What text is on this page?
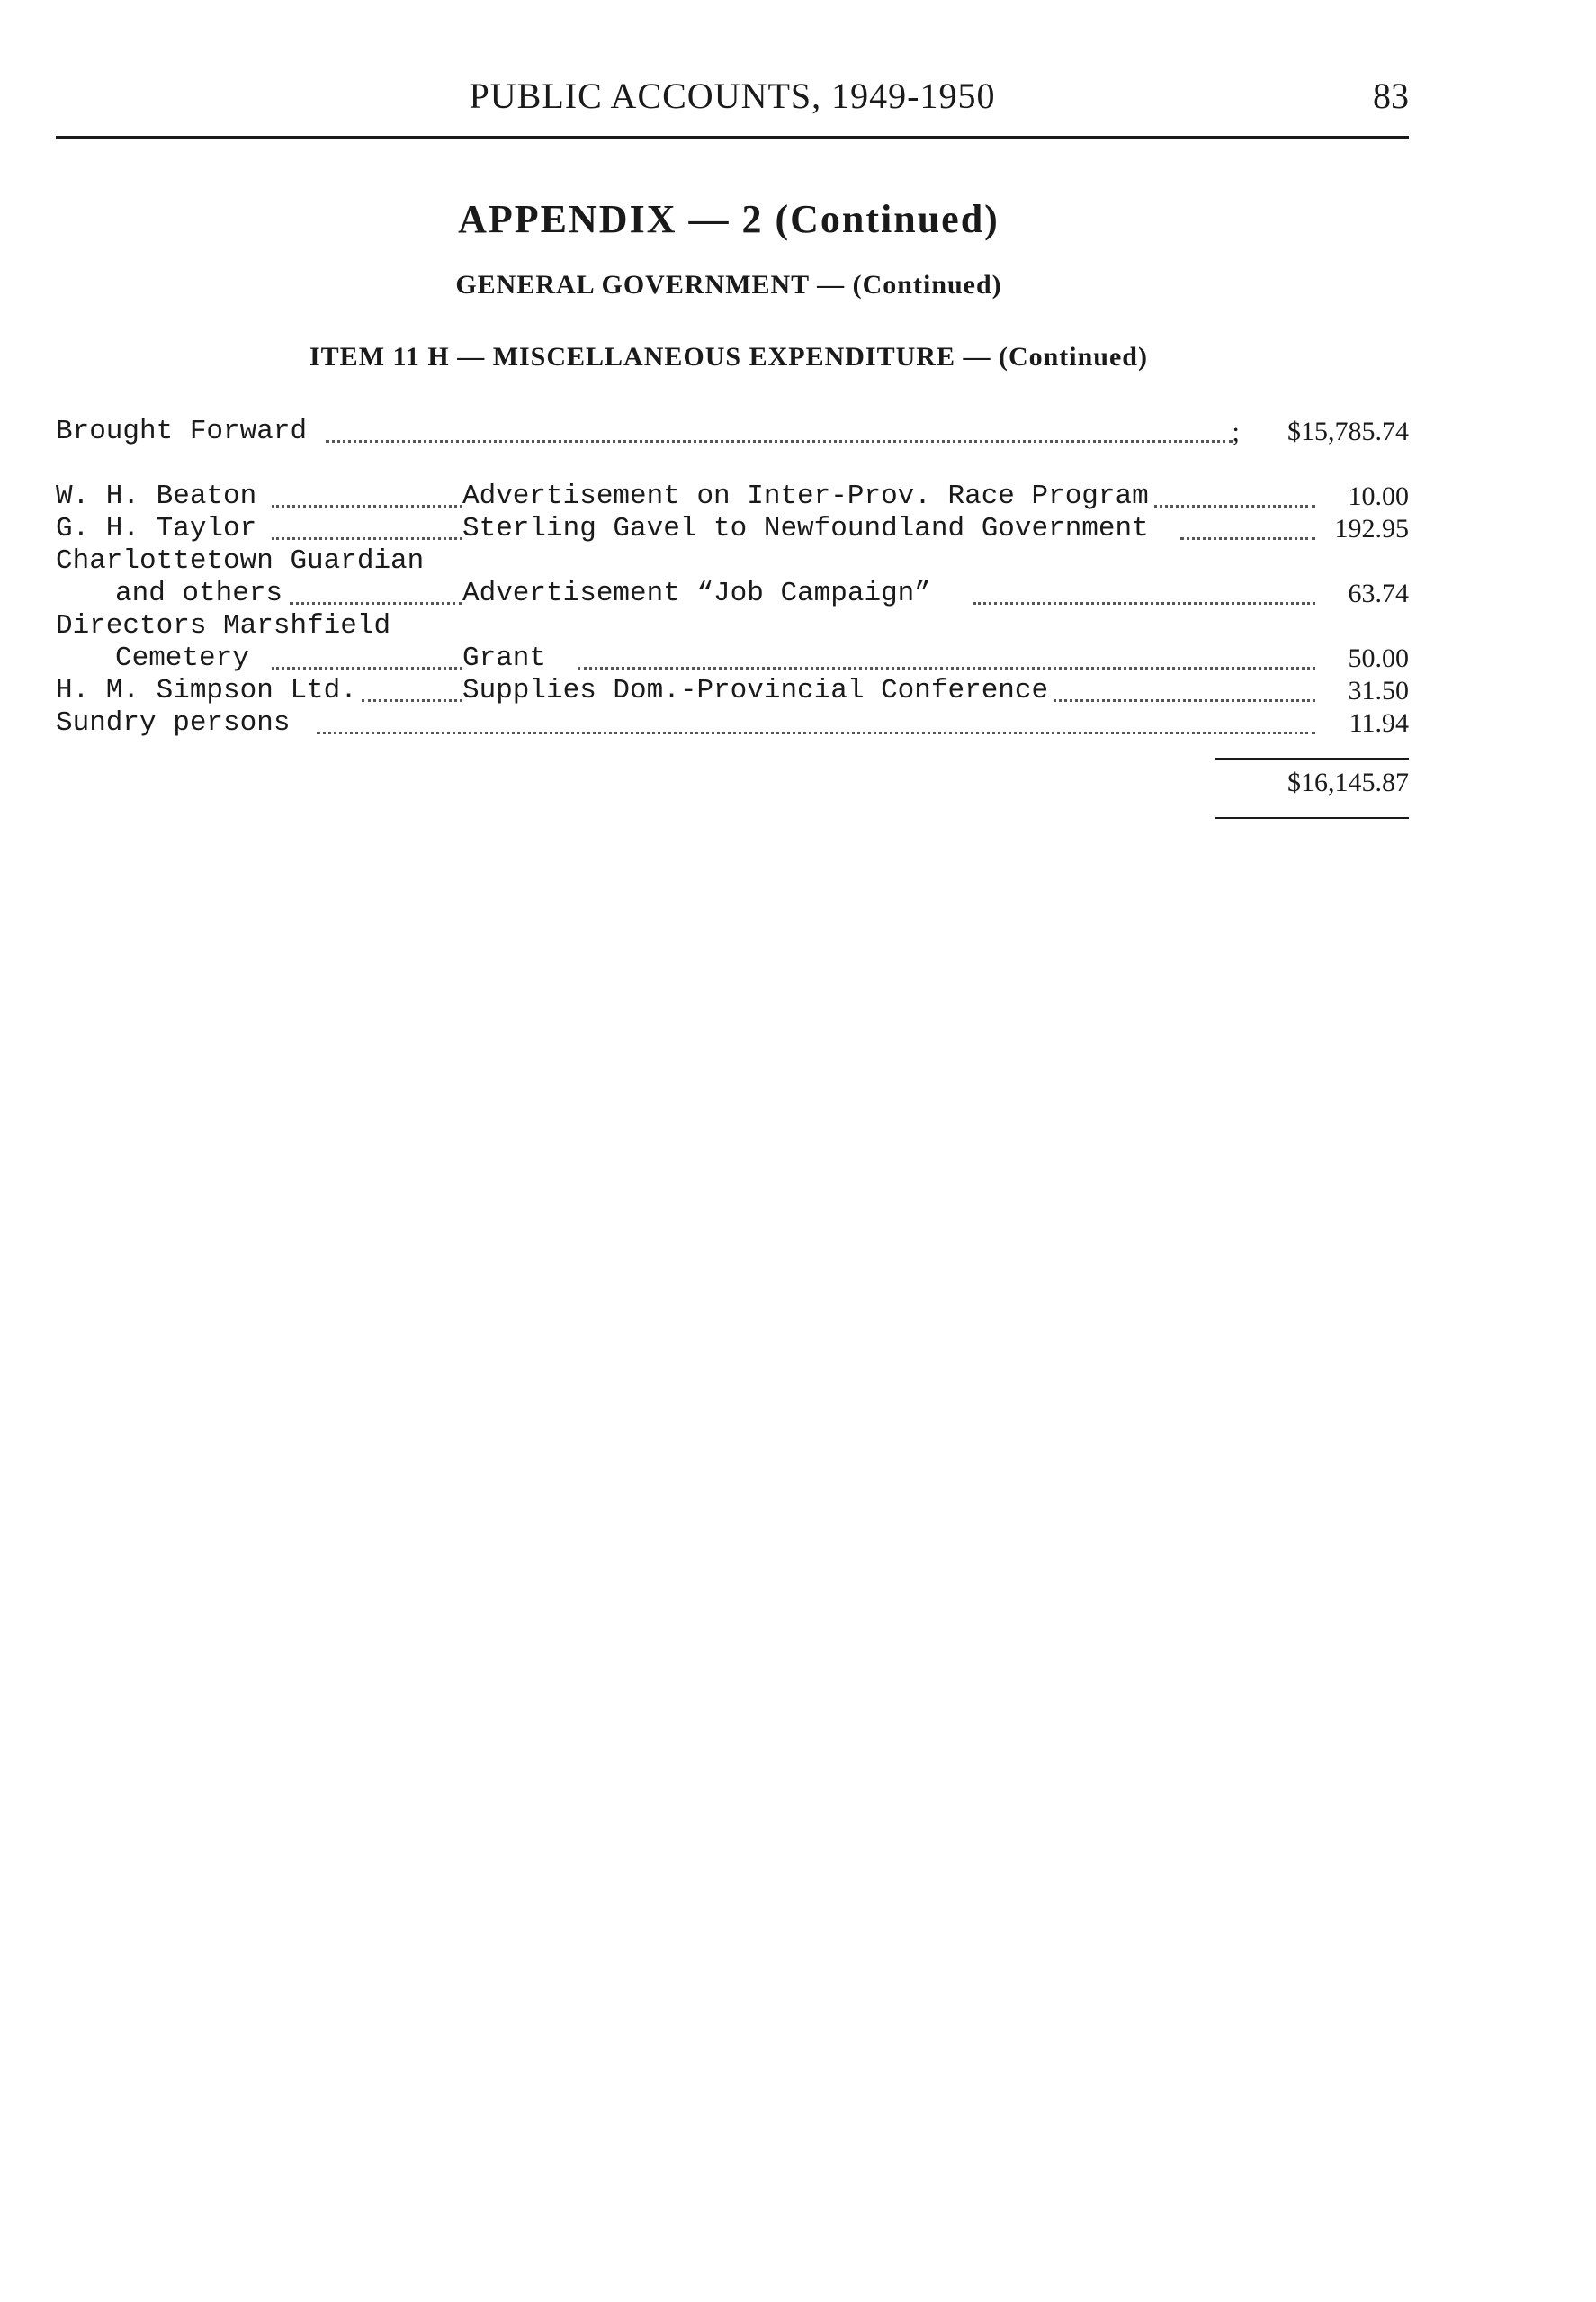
PUBLIC ACCOUNTS, 1949-1950	83
APPENDIX — 2 (Continued)
GENERAL GOVERNMENT — (Continued)
ITEM 11 H — MISCELLANEOUS EXPENDITURE — (Continued)
Brought Forward	; $15,785.74
W. H. Beaton	Advertisement on Inter-Prov. Race Program	10.00
G. H. Taylor	Sterling Gavel to Newfoundland Government	192.95
Charlottetown Guardian
and others	Advertisement “Job Campaign”	63.74
Directors Marshfield
Cemetery	Grant	50.00
H. M. Simpson Ltd.	Supplies Dom.-Provincial Conference	31.50
Sundry persons	11.94
$16,145.87
